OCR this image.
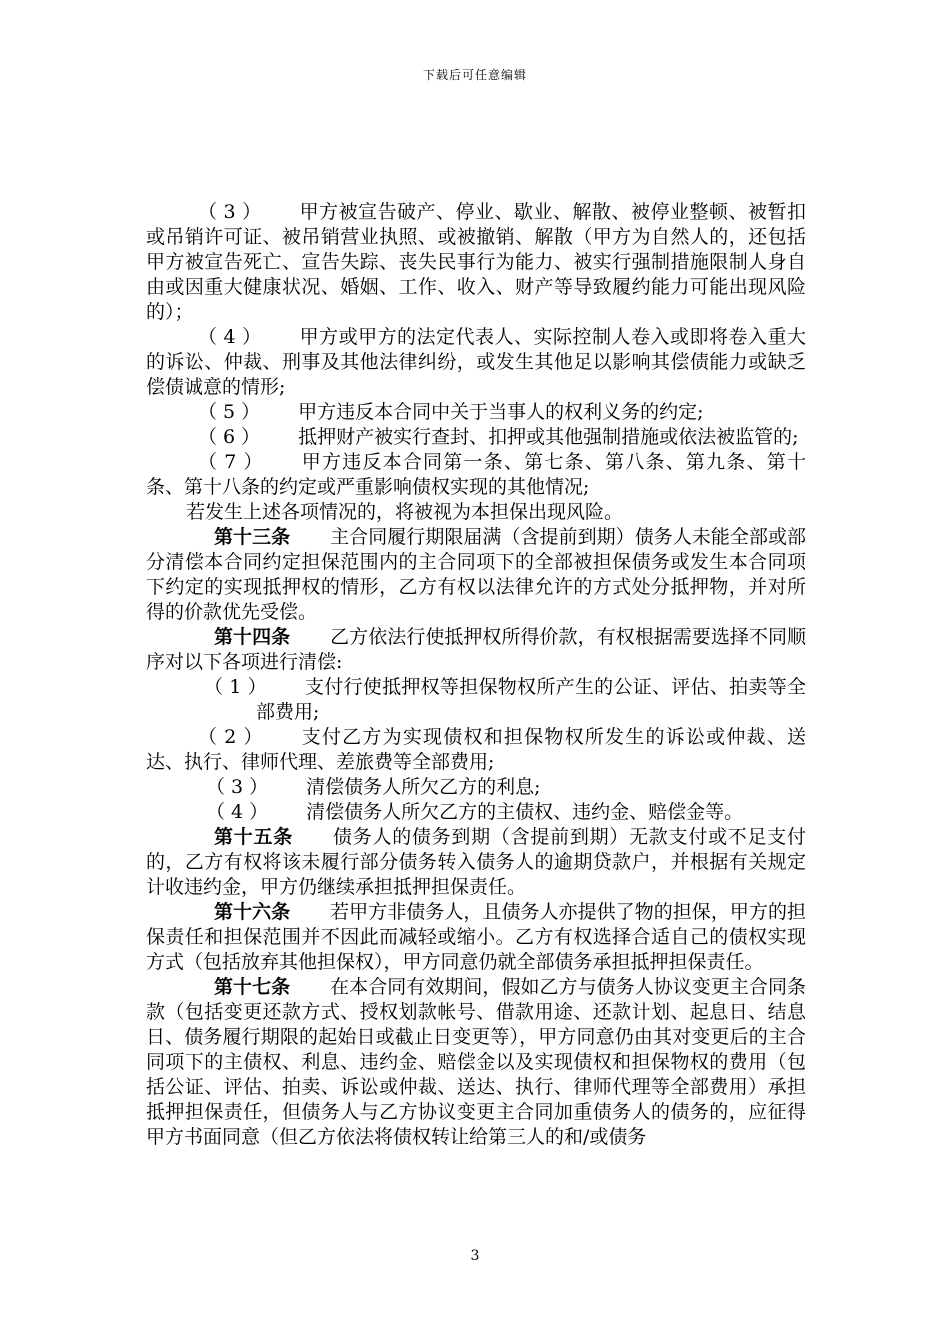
下载后可任意编辑

（3） 甲方被宣告破产、停业、歇业、解散、被停业整顿、被暂扣或吊销许可证、被吊销营业执照、或被撤销、解散（甲方为自然人的，还包括甲方被宣告死亡、宣告失踪、丧失民事行为能力、被实行强制措施限制人身自由或因重大健康状况、婚姻、工作、收入、财产等导致履约能力可能出现风险的）；

（4） 甲方或甲方的法定代表人、实际控制人卷入或即将卷入重大的诉讼、仲裁、刑事及其他法律纠纷，或发生其他足以影响其偿债能力或缺乏偿债诚意的情形;

（5） 甲方违反本合同中关于当事人的权利义务的约定;

（6） 抵押财产被实行查封、扣押或其他强制措施或依法被监管的;

（7） 甲方违反本合同第一条、第七条、第八条、第九条、第十条、第十八条的约定或严重影响债权实现的其他情况;

若发生上述各项情况的，将被视为本担保出现风险。

第十三条 主合同履行期限届满（含提前到期）债务人未能全部或部分清偿本合同约定担保范围内的主合同项下的全部被担保债务或发生本合同项下约定的实现抵押权的情形，乙方有权以法律允许的方式处分抵押物，并对所得的价款优先受偿。

第十四条 乙方依法行使抵押权所得价款，有权根据需要选择不同顺序对以下各项进行清偿:

（1） 支付行使抵押权等担保物权所产生的公证、评估、拍卖等全部费用;

（2） 支付乙方为实现债权和担保物权所发生的诉讼或仲裁、送达、执行、律师代理、差旅费等全部费用;

（3） 清偿债务人所欠乙方的利息;

（4） 清偿债务人所欠乙方的主债权、违约金、赔偿金等。

第十五条 债务人的债务到期（含提前到期）无款支付或不足支付的，乙方有权将该未履行部分债务转入债务人的逾期贷款户，并根据有关规定计收违约金，甲方仍继续承担抵押担保责任。

第十六条 若甲方非债务人，且债务人亦提供了物的担保，甲方的担保责任和担保范围并不因此而减轻或缩小。乙方有权选择合适自己的债权实现方式（包括放弃其他担保权），甲方同意仍就全部债务承担抵押担保责任。

第十七条 在本合同有效期间，假如乙方与债务人协议变更主合同条款（包括变更还款方式、授权划款帐号、借款用途、还款计划、起息日、结息日、债务履行期限的起始日或截止日变更等），甲方同意仍由其对变更后的主合同项下的主债权、利息、违约金、赔偿金以及实现债权和担保物权的费用（包括公证、评估、拍卖、诉讼或仲裁、送达、执行、律师代理等全部费用）承担抵押担保责任，但债务人与乙方协议变更主合同加重债务人的债务的，应征得甲方书面同意（但乙方依法将债权转让给第三人的和/或债务

3
